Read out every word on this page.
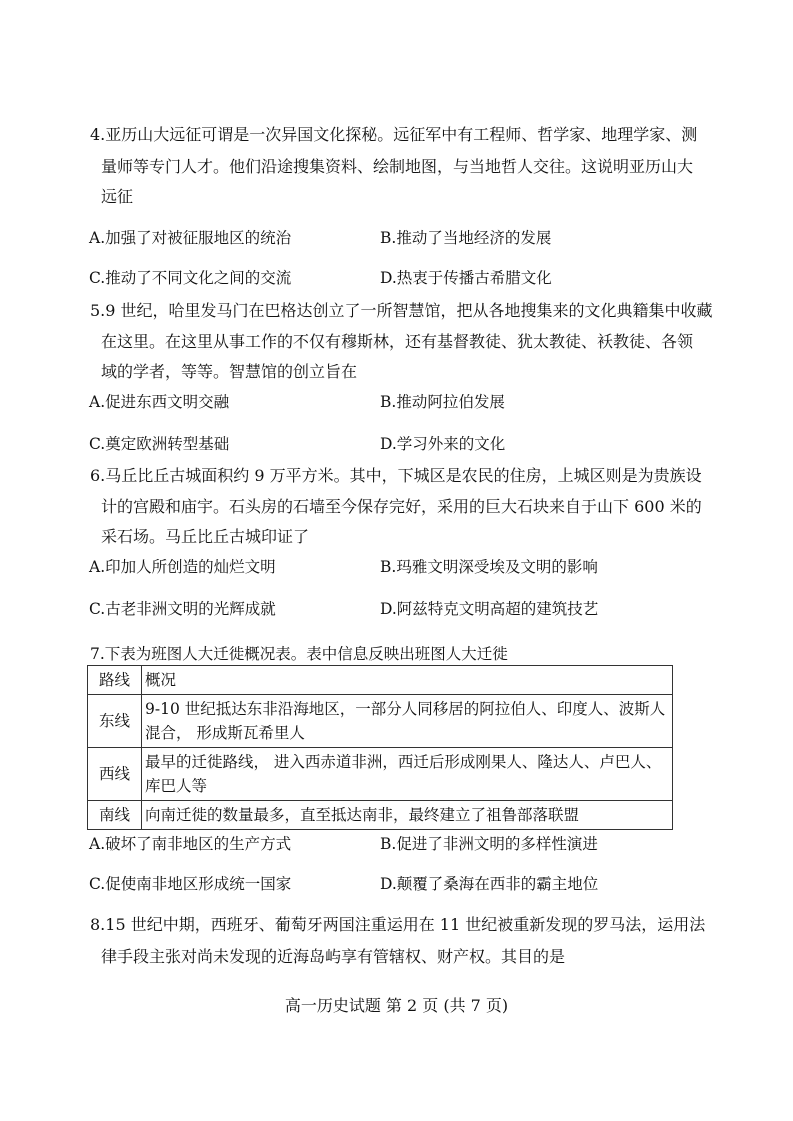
4.亚历山大远征可谓是一次异国文化探秘。远征军中有工程师、哲学家、地理学家、测
量师等专门人才。他们沿途搜集资料、绘制地图，与当地哲人交往。这说明亚历山大
远征
A.加强了对被征服地区的统治	B.推动了当地经济的发展
C.推动了不同文化之间的交流	D.热衷于传播古希腊文化
5.9 世纪，哈里发马门在巴格达创立了一所智慧馆，把从各地搜集来的文化典籍集中收藏
在这里。在这里从事工作的不仅有穆斯林，还有基督教徒、犹太教徒、袄教徒、各领
域的学者，等等。智慧馆的创立旨在
A.促进东西文明交融	B.推动阿拉伯发展
C.奠定欧洲转型基础	D.学习外来的文化
6.马丘比丘古城面积约 9 万平方米。其中，下城区是农民的住房，上城区则是为贵族设
计的宫殿和庙宇。石头房的石墙至今保存完好，采用的巨大石块来自于山下 600 米的
采石场。马丘比丘古城印证了
A.印加人所创造的灿烂文明	B.玛雅文明深受埃及文明的影响
C.古老非洲文明的光辉成就	D.阿兹特克文明高超的建筑技艺
7.下表为班图人大迁徙概况表。表中信息反映出班图人大迁徙
路线	概况
东线	9-10 世纪抵达东非沿海地区，一部分人同移居的阿拉伯人、印度人、波斯人混合， 形成斯瓦希里人
西线	最早的迁徙路线， 进入西赤道非洲，西迁后形成刚果人、隆达人、卢巴人、库巴人等
南线	向南迁徙的数量最多，直至抵达南非，最终建立了祖鲁部落联盟
A.破坏了南非地区的生产方式	B.促进了非洲文明的多样性演进
C.促使南非地区形成统一国家	D.颠覆了桑海在西非的霸主地位
8.15 世纪中期，西班牙、葡萄牙两国注重运用在 11 世纪被重新发现的罗马法，运用法
律手段主张对尚未发现的近海岛屿享有管辖权、财产权。其目的是
高一历史试题 第 2 页 (共 7 页)
